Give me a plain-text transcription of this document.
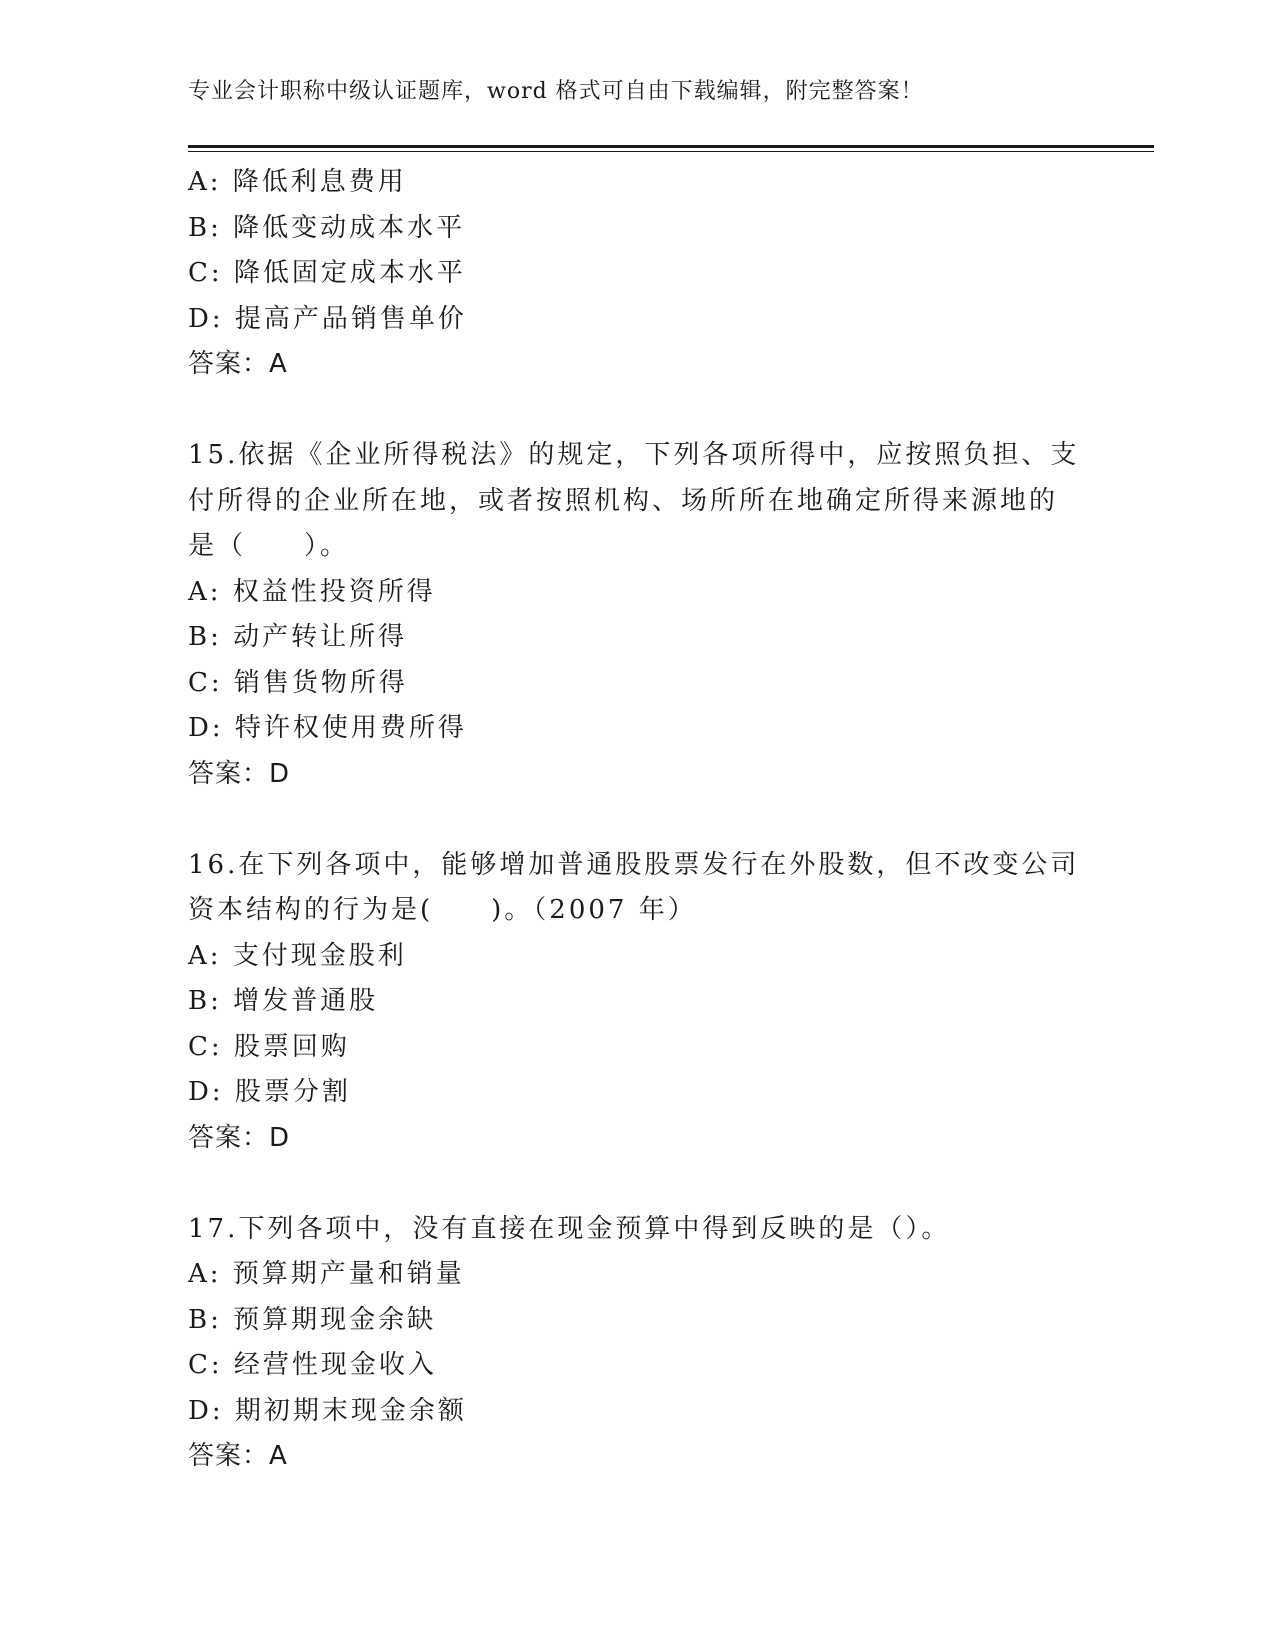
专业会计职称中级认证题库，word 格式可自由下载编辑，附完整答案！
A: 降低利息费用
B: 降低变动成本水平
C: 降低固定成本水平
D: 提高产品销售单价
答案：A
15.依据《企业所得税法》的规定，下列各项所得中，应按照负担、支
付所得的企业所在地，或者按照机构、场所所在地确定所得来源地的
是（　　）。
A: 权益性投资所得
B: 动产转让所得
C: 销售货物所得
D: 特许权使用费所得
答案：D
16.在下列各项中，能够增加普通股股票发行在外股数，但不改变公司
资本结构的行为是(　　)。（2007 年）
A: 支付现金股利
B: 增发普通股
C: 股票回购
D: 股票分割
答案：D
17.下列各项中，没有直接在现金预算中得到反映的是（）。
A: 预算期产量和销量
B: 预算期现金余缺
C: 经营性现金收入
D: 期初期末现金余额
答案：A
